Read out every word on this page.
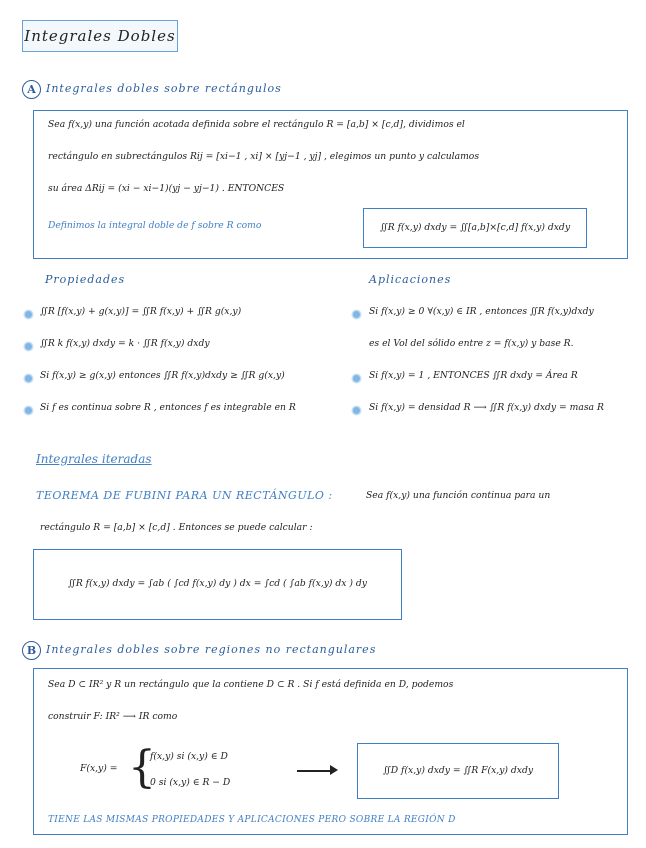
Integrales Dobles
A Integrales dobles sobre rectángulos
Sea f(x,y) una función acotada definida sobre el rectángulo R = [a,b] × [c,d], dividimos el
rectángulo en subrectángulos Rij = [xi−1 , xi] × [yj−1 , yj] , elegimos un punto y calculamos
su área ΔRij = (xi − xi−1)(yj − yj−1) . ENTONCES
Definimos la integral doble de f sobre R como	∬R f(x,y) dxdy = ∬[a,b]×[c,d] f(x,y) dxdy
Propiedades
∬R [f(x,y) + g(x,y)] = ∬R f(x,y) + ∬R g(x,y)
∬R k f(x,y) dxdy = k · ∬R f(x,y) dxdy
Si f(x,y) ≥ g(x,y) entonces ∬R f(x,y)dxdy ≥ ∬R g(x,y)
Si f es continua sobre R , entonces f es integrable en R
Aplicaciones
Si f(x,y) ≥ 0 ∀(x,y) ∈ IR , entonces ∬R f(x,y)dxdy
es el Vol del sólido entre z = f(x,y) y base R.
Si f(x,y) = 1 , ENTONCES ∬R dxdy = Área R
Si f(x,y) = densidad R ⟶ ∬R f(x,y) dxdy = masa R
Integrales iteradas
TEOREMA DE FUBINI PARA UN RECTÁNGULO :	Sea f(x,y) una función continua para un
rectángulo R = [a,b] × [c,d] . Entonces se puede calcular :
∬R f(x,y) dxdy = ∫ab ( ∫cd f(x,y) dy ) dx = ∫cd ( ∫ab f(x,y) dx ) dy
B Integrales dobles sobre regiones no rectangulares
Sea D ⊂ IR² y R un rectángulo que la contiene D ⊂ R . Si f está definida en D, podemos
construir F: IR² ⟶ IR como
F(x,y) = {
f(x,y) si (x,y) ∈ D
0 si (x,y) ∈ R − D
∬D f(x,y) dxdy = ∬R F(x,y) dxdy
TIENE LAS MISMAS PROPIEDADES Y APLICACIONES PERO SOBRE LA REGIÓN D
